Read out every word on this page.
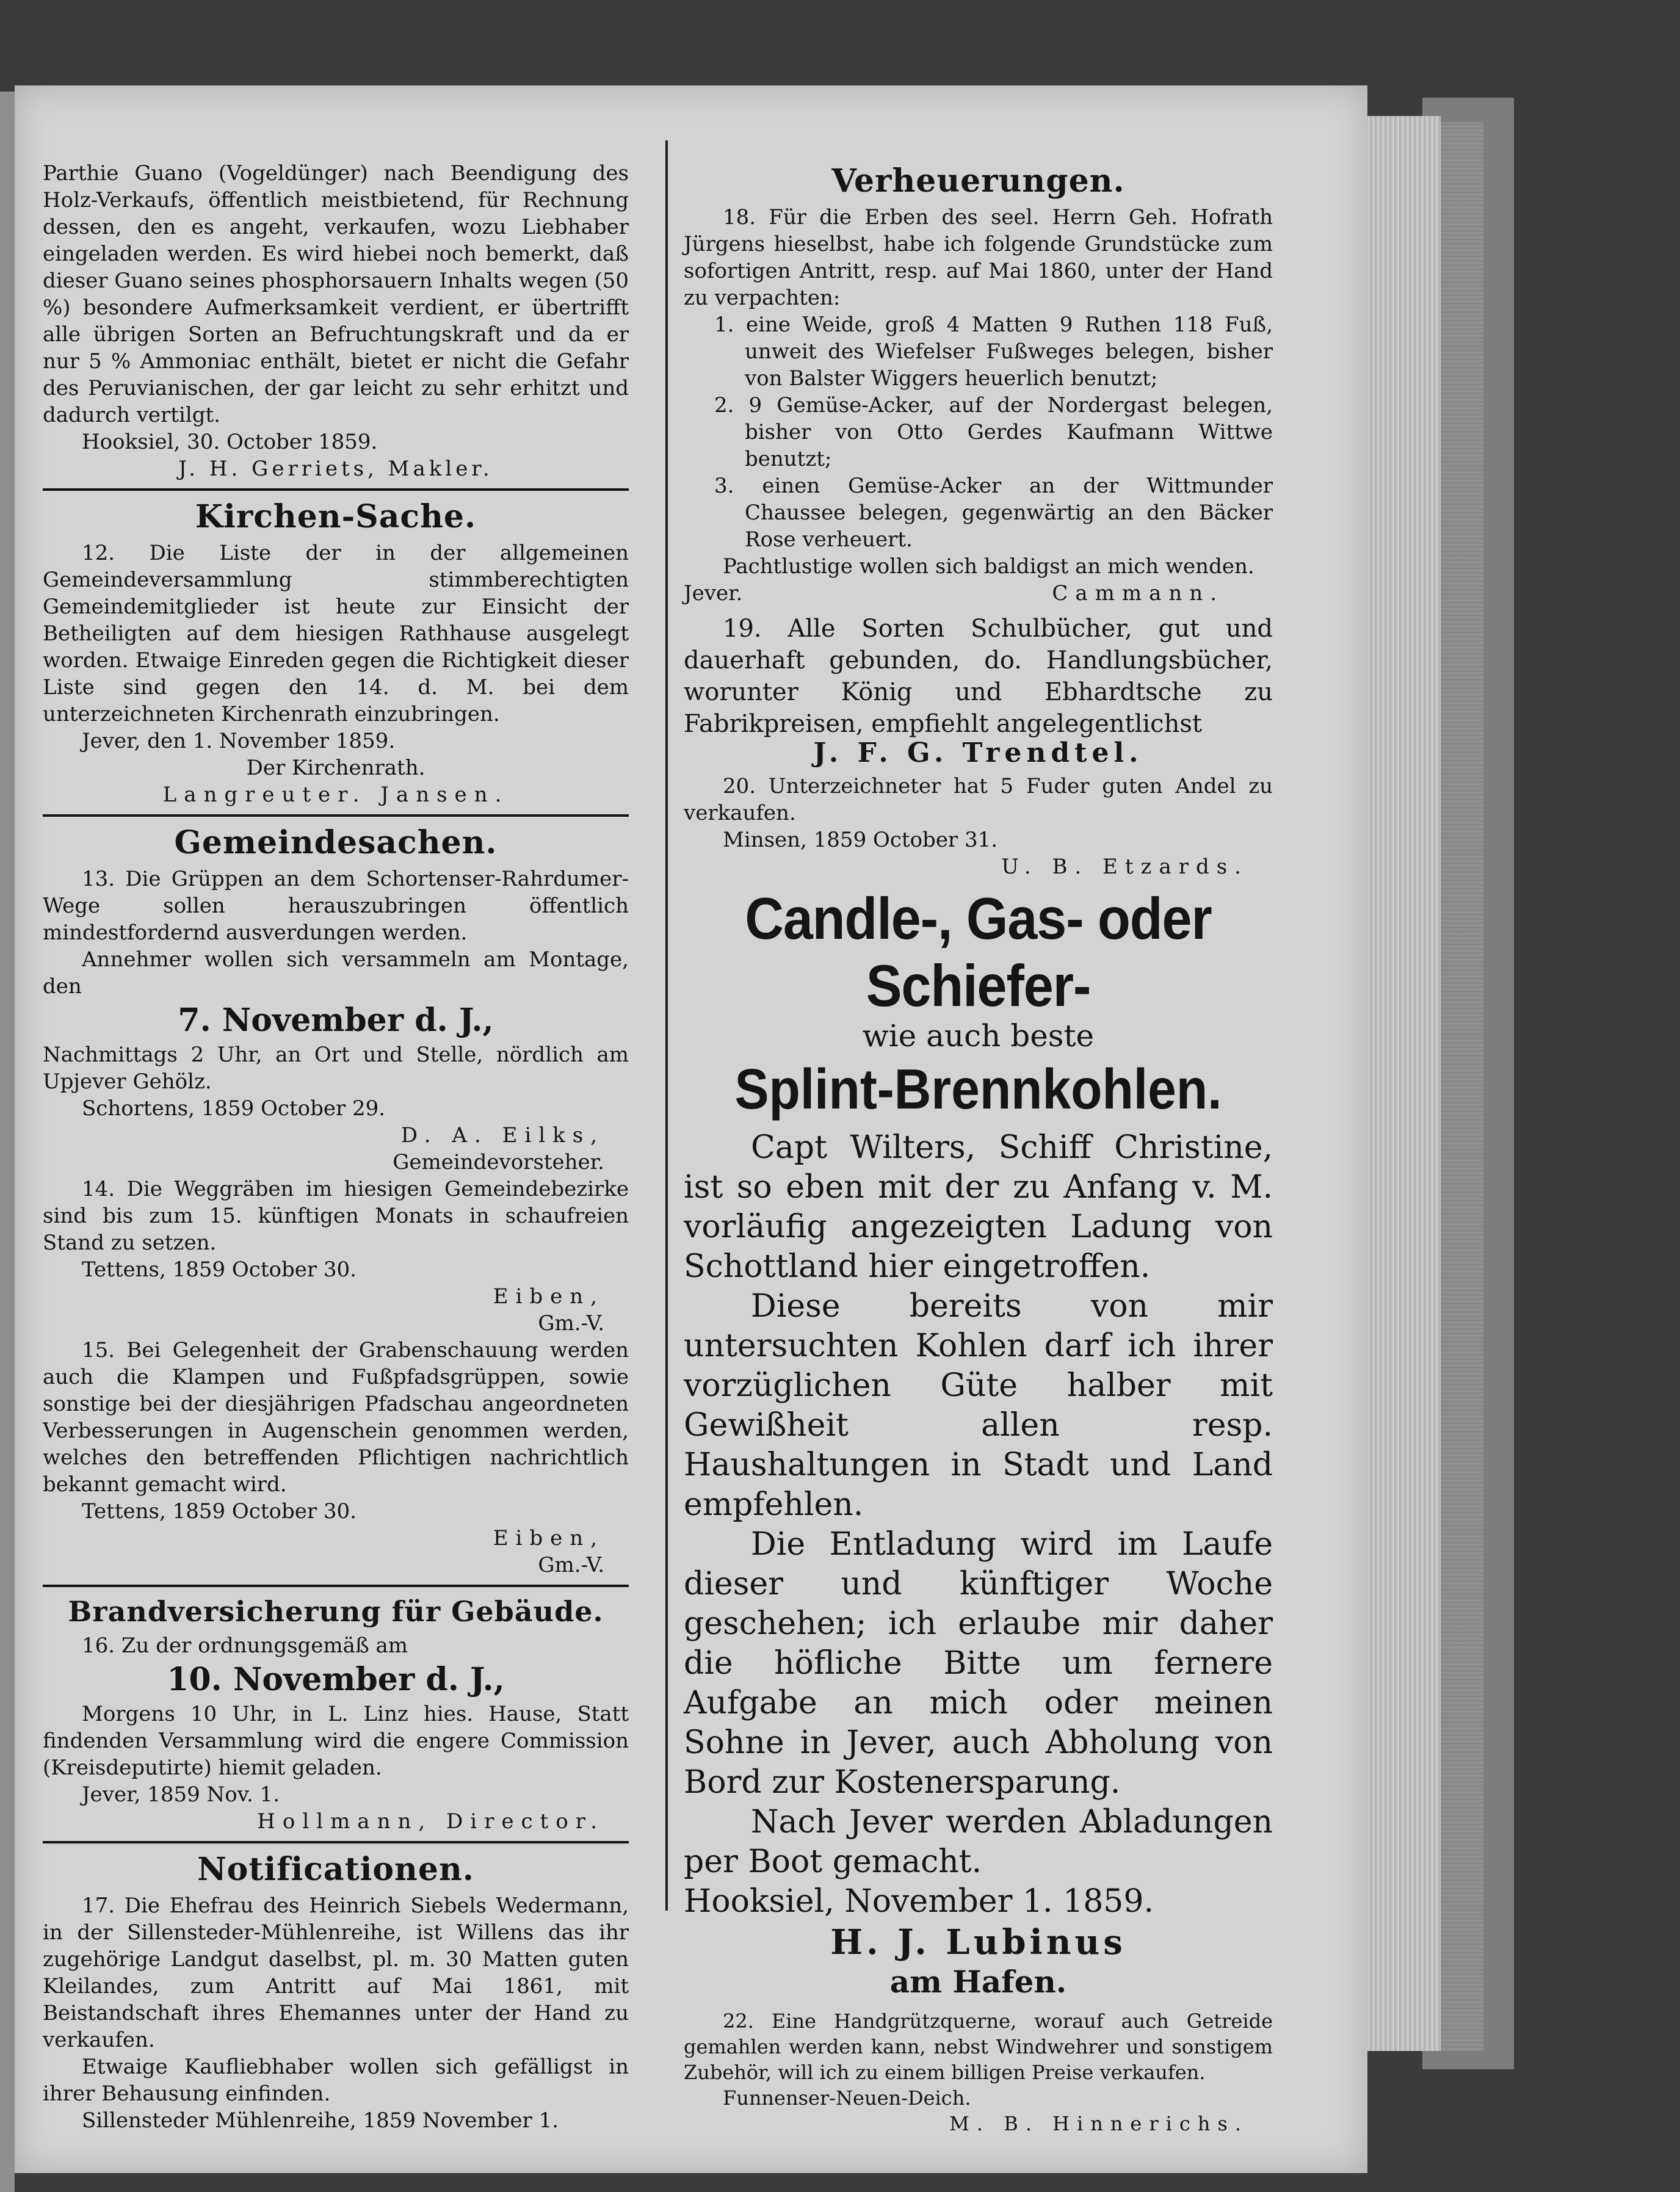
Parthie Guano (Vogeldünger) nach Beendigung des Holz-Verkaufs, öffentlich meistbietend, für Rechnung dessen, den es angeht, verkaufen, wozu Liebhaber eingeladen werden. Es wird hiebei noch bemerkt, daß dieser Guano seines phosphorsauern Inhalts wegen (50 %) besondere Aufmerksamkeit verdient, er übertrifft alle übrigen Sorten an Befruchtungskraft und da er nur 5 % Ammoniac enthält, bietet er nicht die Gefahr des Peruvianischen, der gar leicht zu sehr erhitzt und dadurch vertilgt.

Hooksiel, 30. October 1859.

J. H. Gerriets, Makler.

Kirchen-Sache.

12. Die Liste der in der allgemeinen Gemeindeversammlung stimmberechtigten Gemeindemitglieder ist heute zur Einsicht der Betheiligten auf dem hiesigen Rathhause ausgelegt worden. Etwaige Einreden gegen die Richtigkeit dieser Liste sind gegen den 14. d. M. bei dem unterzeichneten Kirchenrath einzubringen.

Jever, den 1. November 1859.

Der Kirchenrath.

Langreuter. Jansen.

Gemeindesachen.

13. Die Grüppen an dem Schortenser-Rahrdumer-Wege sollen herauszubringen öffentlich mindestfordernd ausverdungen werden.

Annehmer wollen sich versammeln am Montage, den

7. November d. J.,

Nachmittags 2 Uhr, an Ort und Stelle, nördlich am Upjever Gehölz.

Schortens, 1859 October 29.

D. A. Eilks,

Gemeindevorsteher.

14. Die Weggräben im hiesigen Gemeindebezirke sind bis zum 15. künftigen Monats in schaufreien Stand zu setzen.

Tettens, 1859 October 30.

Eiben,

Gm.-V.

15. Bei Gelegenheit der Grabenschauung werden auch die Klampen und Fußpfadsgrüppen, sowie sonstige bei der diesjährigen Pfadschau angeordneten Verbesserungen in Augenschein genommen werden, welches den betreffenden Pflichtigen nachrichtlich bekannt gemacht wird.

Tettens, 1859 October 30.

Eiben,

Gm.-V.

Brandversicherung für Gebäude.

16. Zu der ordnungsgemäß am

10. November d. J.,

Morgens 10 Uhr, in L. Linz hies. Hause, Statt findenden Versammlung wird die engere Commission (Kreisdeputirte) hiemit geladen.

Jever, 1859 Nov. 1.

Hollmann, Director.

Notificationen.

17. Die Ehefrau des Heinrich Siebels Wedermann, in der Sillensteder-Mühlenreihe, ist Willens das ihr zugehörige Landgut daselbst, pl. m. 30 Matten guten Kleilandes, zum Antritt auf Mai 1861, mit Beistandschaft ihres Ehemannes unter der Hand zu verkaufen.

Etwaige Kaufliebhaber wollen sich gefälligst in ihrer Behausung einfinden.

Sillensteder Mühlenreihe, 1859 November 1.

Verheuerungen.

18. Für die Erben des seel. Herrn Geh. Hofrath Jürgens hieselbst, habe ich folgende Grundstücke zum sofortigen Antritt, resp. auf Mai 1860, unter der Hand zu verpachten:

1. eine Weide, groß 4 Matten 9 Ruthen 118 Fuß, unweit des Wiefelser Fußweges belegen, bisher von Balster Wiggers heuerlich benutzt;

2. 9 Gemüse-Acker, auf der Nordergast belegen, bisher von Otto Gerdes Kaufmann Wittwe benutzt;

3. einen Gemüse-Acker an der Wittmunder Chaussee belegen, gegenwärtig an den Bäcker Rose verheuert.

Pachtlustige wollen sich baldigst an mich wenden.

Jever.	Cammann.

19. Alle Sorten Schulbücher, gut und dauerhaft gebunden, do. Handlungsbücher, worunter König und Ebhardtsche zu Fabrikpreisen, empfiehlt angelegentlichst

J. F. G. Trendtel.

20. Unterzeichneter hat 5 Fuder guten Andel zu verkaufen.

Minsen, 1859 October 31.

U. B. Etzards.

Candle-, Gas- oder Schiefer-
wie auch beste
Splint-Brennkohlen.

Capt Wilters, Schiff Christine, ist so eben mit der zu Anfang v. M. vorläufig angezeigten Ladung von Schottland hier eingetroffen.

Diese bereits von mir untersuchten Kohlen darf ich ihrer vorzüglichen Güte halber mit Gewißheit allen resp. Haushaltungen in Stadt und Land empfehlen.

Die Entladung wird im Laufe dieser und künftiger Woche geschehen; ich erlaube mir daher die höfliche Bitte um fernere Aufgabe an mich oder meinen Sohne in Jever, auch Abholung von Bord zur Kostenersparung.

Nach Jever werden Abladungen per Boot gemacht.

Hooksiel, November 1. 1859.

H. J. Lubinus
am Hafen.

22. Eine Handgrützquerne, worauf auch Getreide gemahlen werden kann, nebst Windwehrer und sonstigem Zubehör, will ich zu einem billigen Preise verkaufen.

Funnenser-Neuen-Deich.

M. B. Hinnerichs.
